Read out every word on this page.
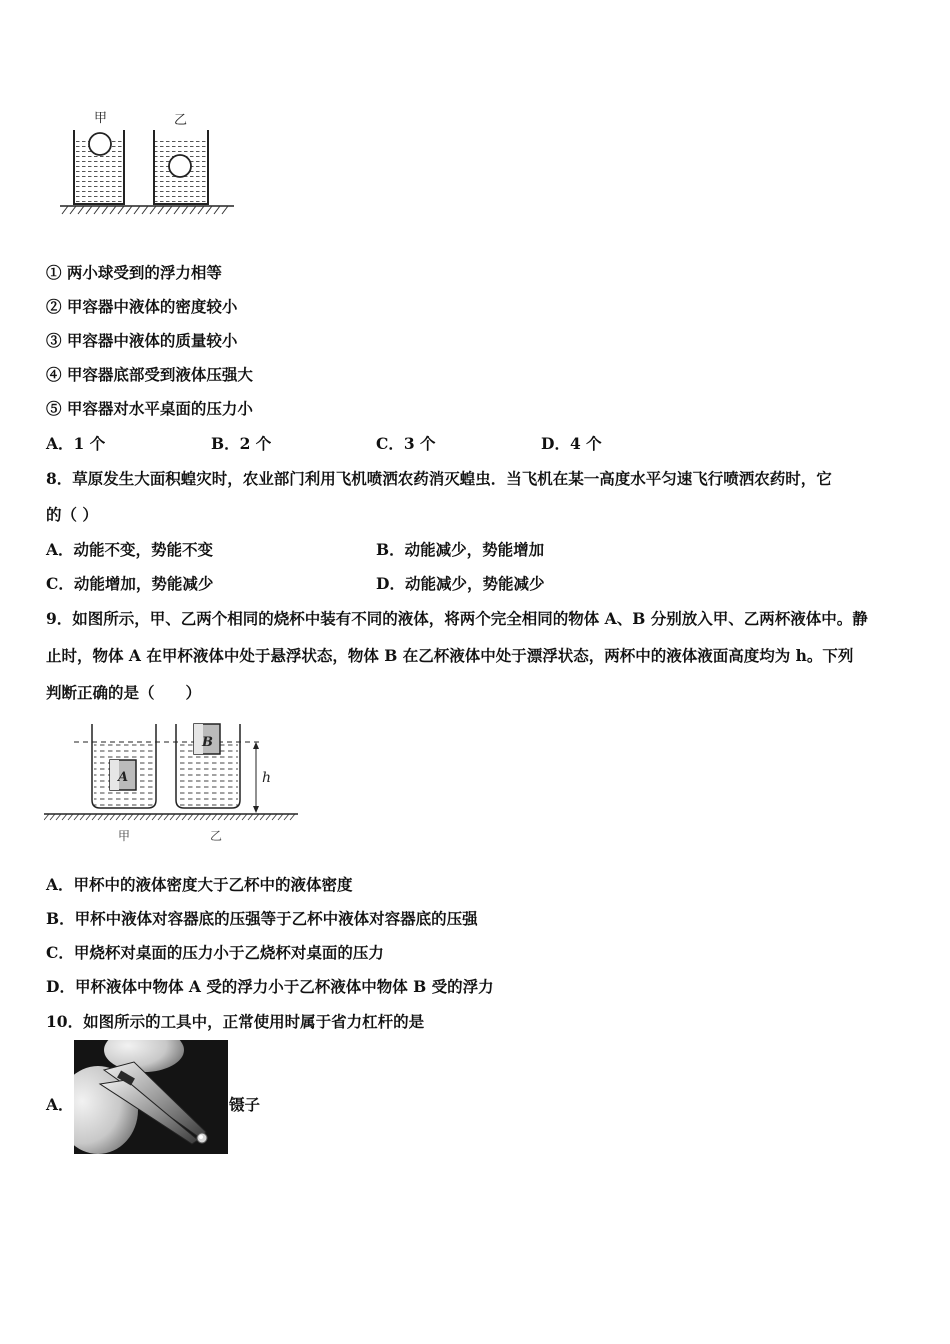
甲	乙
① 两小球受到的浮力相等
② 甲容器中液体的密度较小
③ 甲容器中液体的质量较小
④ 甲容器底部受到液体压强大
⑤ 甲容器对水平桌面的压力小
A．1 个	B．2 个	C．3 个	D．4 个
8．草原发生大面积蝗灾时，农业部门利用飞机喷洒农药消灭蝗虫．当飞机在某一高度水平匀速飞行喷洒农药时，它
的（ ）
A．动能不变，势能不变	B．动能减少，势能增加
C．动能增加，势能减少	D．动能减少，势能减少
9．如图所示，甲、乙两个相同的烧杯中装有不同的液体，将两个完全相同的物体 A、B 分别放入甲、乙两杯液体中。静
止时，物体 A 在甲杯液体中处于悬浮状态，物体 B 在乙杯液体中处于漂浮状态，两杯中的液体液面高度均为 h。下列
判断正确的是（　　）
A
B
h
甲	乙
A．甲杯中的液体密度大于乙杯中的液体密度
B．甲杯中液体对容器底的压强等于乙杯中液体对容器底的压强
C．甲烧杯对桌面的压力小于乙烧杯对桌面的压力
D．甲杯液体中物体 A 受的浮力小于乙杯液体中物体 B 受的浮力
10．如图所示的工具中，正常使用时属于省力杠杆的是
A．	镊子
